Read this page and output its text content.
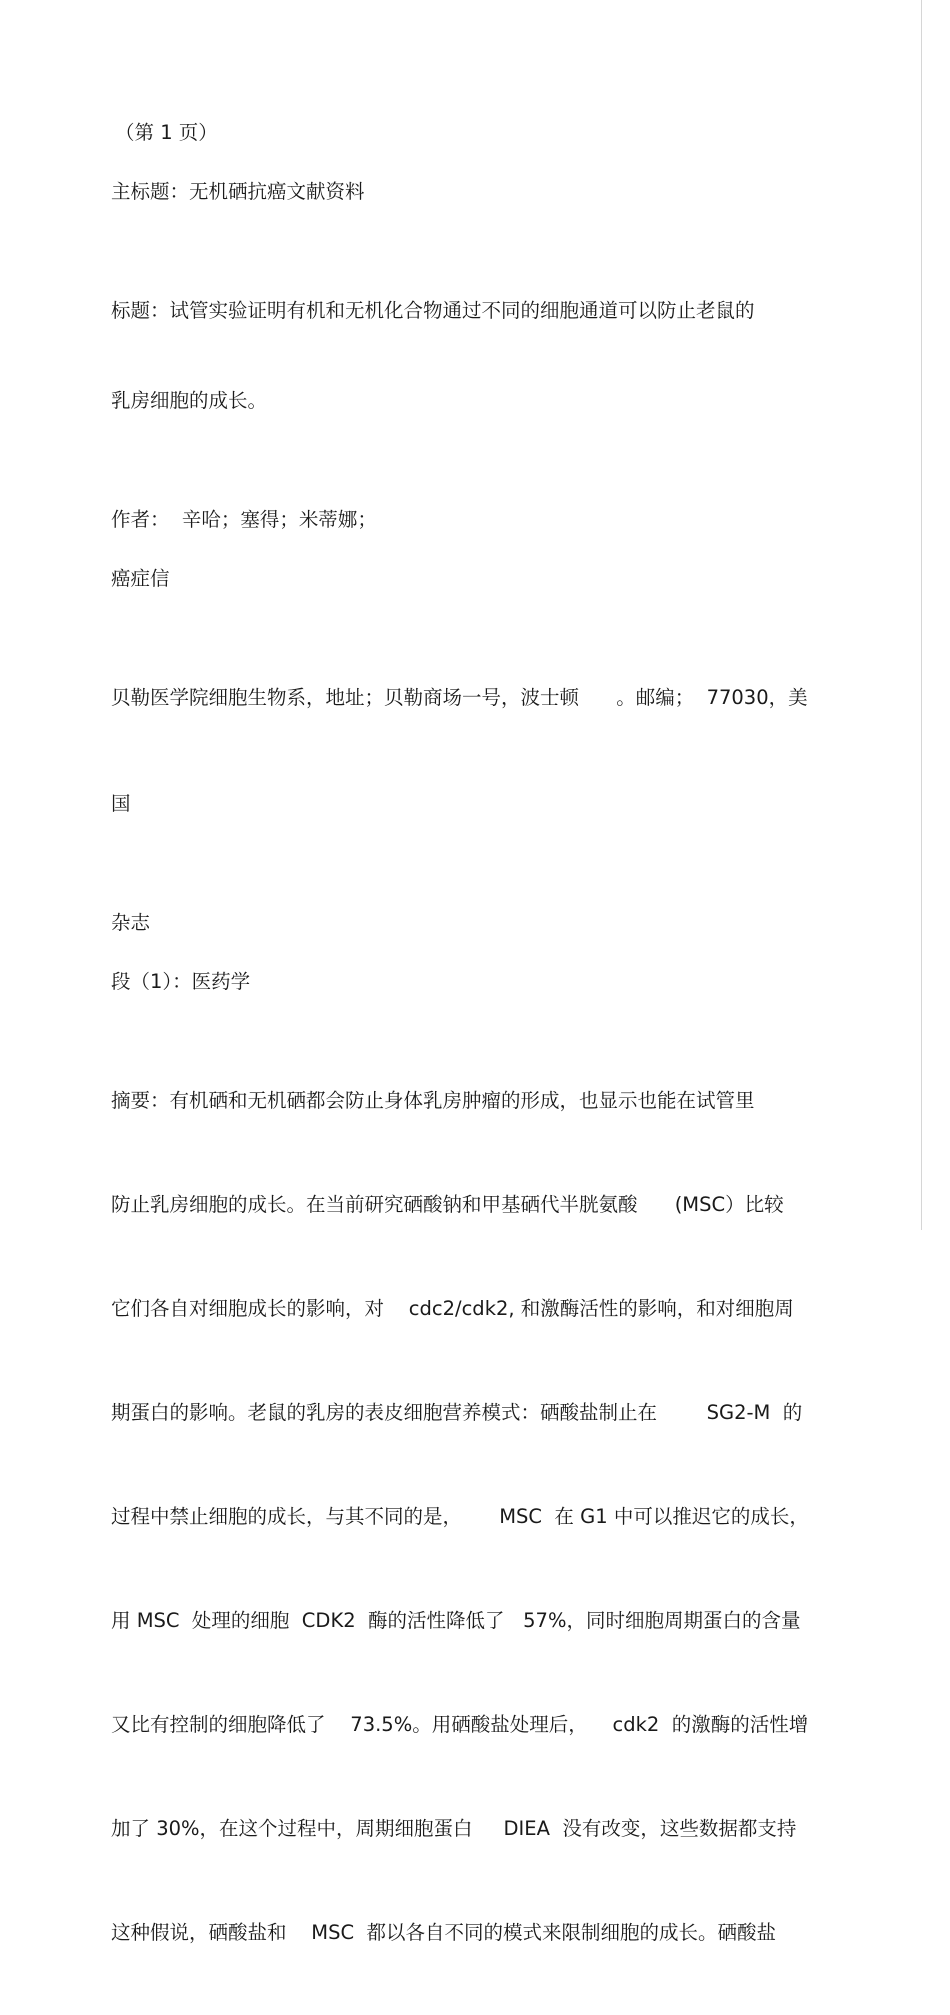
（第 1 页）

主标题：无机硒抗癌文献资料

标题：试管实验证明有机和无机化合物通过不同的细胞通道可以防止老鼠的

乳房细胞的成长。

作者：  辛哈；塞得；米蒂娜；

癌症信

贝勒医学院细胞生物系，地址；贝勒商场一号，波士顿      。邮编；  77030，美

国

杂志

段（1）：医药学

摘要：有机硒和无机硒都会防止身体乳房肿瘤的形成，也显示也能在试管里

防止乳房细胞的成长。在当前研究硒酸钠和甲基硒代半胱氨酸      (MSC）比较

它们各自对细胞成长的影响，对    cdc2/cdk2, 和激酶活性的影响，和对细胞周

期蛋白的影响。老鼠的乳房的表皮细胞营养模式：硒酸盐制止在        SG2-M  的

过程中禁止细胞的成长，与其不同的是，      MSC  在 G1 中可以推迟它的成长，

用 MSC  处理的细胞  CDK2  酶的活性降低了   57%，同时细胞周期蛋白的含量

又比有控制的细胞降低了    73.5%。用硒酸盐处理后，    cdk2  的激酶的活性增

加了 30%，在这个过程中，周期细胞蛋白     DIEA  没有改变，这些数据都支持

这种假说，硒酸盐和    MSC  都以各自不同的模式来限制细胞的成长。硒酸盐
